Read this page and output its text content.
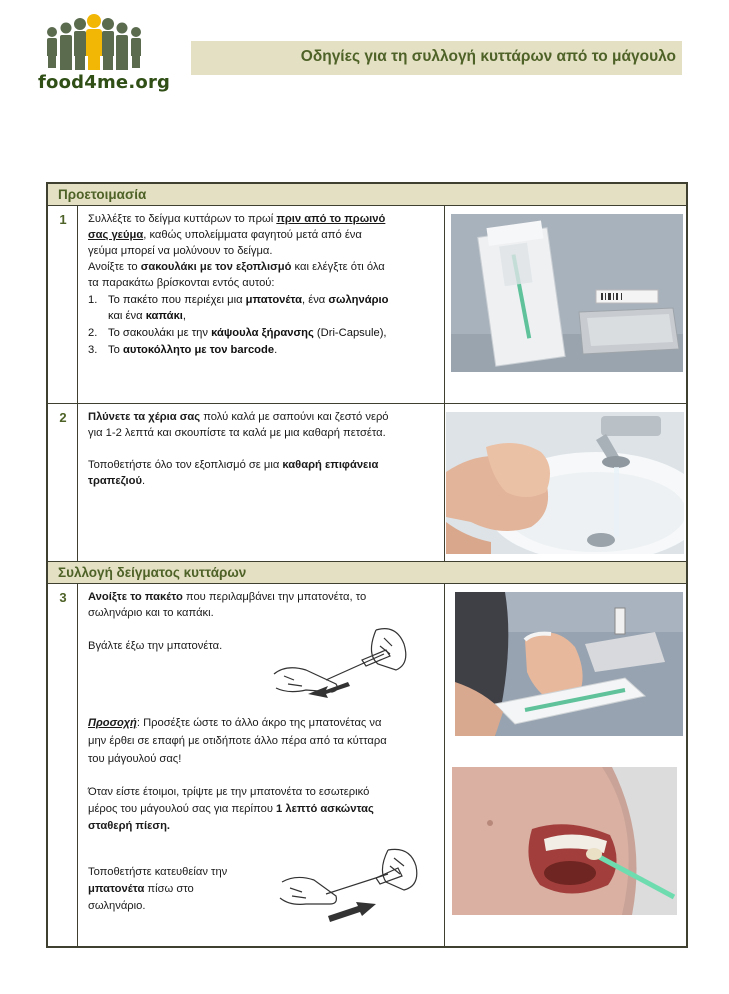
food4me.org
Οδηγίες για τη συλλογή κυττάρων από το μάγουλο
Προετοιμασία
1	Συλλέξτε το δείγμα κυττάρων το πρωί πριν από το πρωινό
σας γεύμα, καθώς υπολείμματα φαγητού μετά από ένα
γεύμα μπορεί να μολύνουν το δείγμα.
Ανοίξτε το σακουλάκι με τον εξοπλισμό και ελέγξτε ότι όλα
τα παρακάτω βρίσκονται εντός αυτού:
1. Το πακέτο που περιέχει μια μπατονέτα, ένα σωληνάριο
και ένα καπάκι,
2. Το σακουλάκι με την κάψουλα ξήρανσης (Dri-Capsule),
3. Το αυτοκόλλητο με τον barcode.
2	Πλύνετε τα χέρια σας πολύ καλά με σαπούνι και ζεστό νερό
για 1-2 λεπτά και σκουπίστε τα καλά με μια καθαρή πετσέτα.
Τοποθετήστε όλο τον εξοπλισμό σε μια καθαρή επιφάνεια
τραπεζιού.
Συλλογή δείγματος κυττάρων
3	Ανοίξτε το πακέτο που περιλαμβάνει την μπατονέτα, το
σωληνάριο και το καπάκι.
Βγάλτε έξω την μπατονέτα.
Προσοχή: Προσέξτε ώστε το άλλο άκρο της μπατονέτας να
μην έρθει σε επαφή με οτιδήποτε άλλο πέρα από τα κύτταρα
του μάγουλού σας!
Όταν είστε έτοιμοι, τρίψτε με την μπατονέτα το εσωτερικό
μέρος του μάγουλού σας για περίπου 1 λεπτό ασκώντας
σταθερή πίεση.
Τοποθετήστε κατευθείαν την
μπατονέτα πίσω στο
σωληνάριο.
